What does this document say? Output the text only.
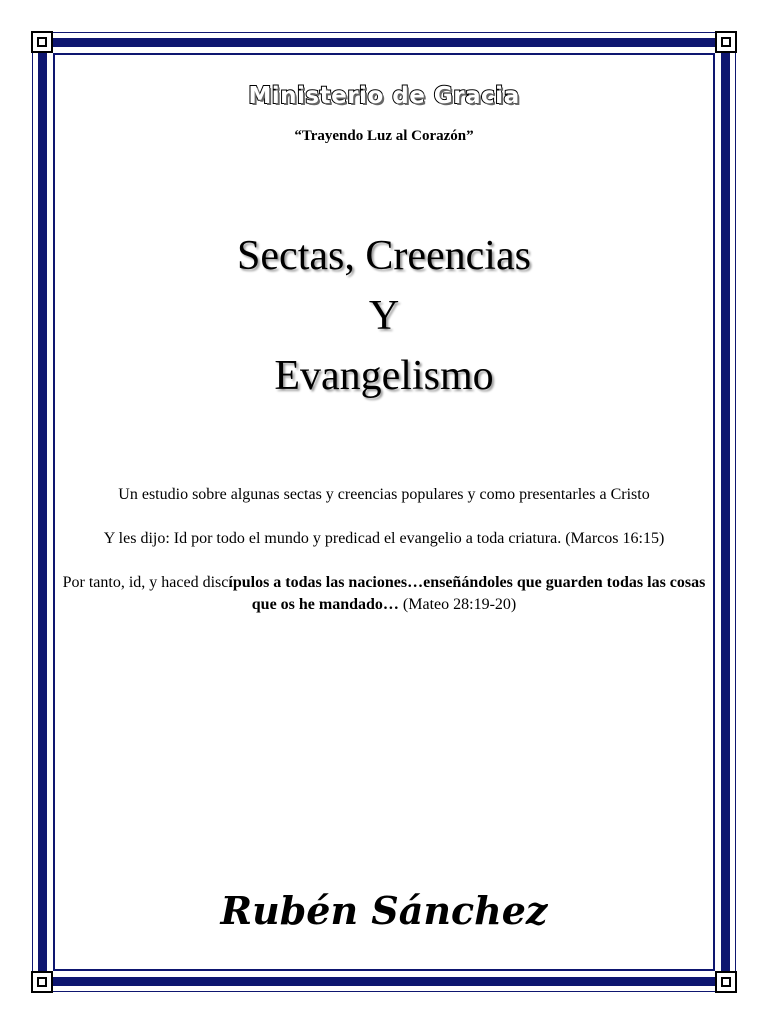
Ministerio de Gracia
“Trayendo Luz al Corazón”
Sectas, Creencias
Y
Evangelismo
Un estudio sobre algunas sectas y creencias populares y como presentarles a Cristo
Y les dijo: Id por todo el mundo y predicad el evangelio a toda criatura. (Marcos 16:15)
Por tanto, id, y haced discípulos a todas las naciones…enseñándoles que guarden todas las cosas que os he mandado… (Mateo 28:19-20)
Rubén Sánchez
